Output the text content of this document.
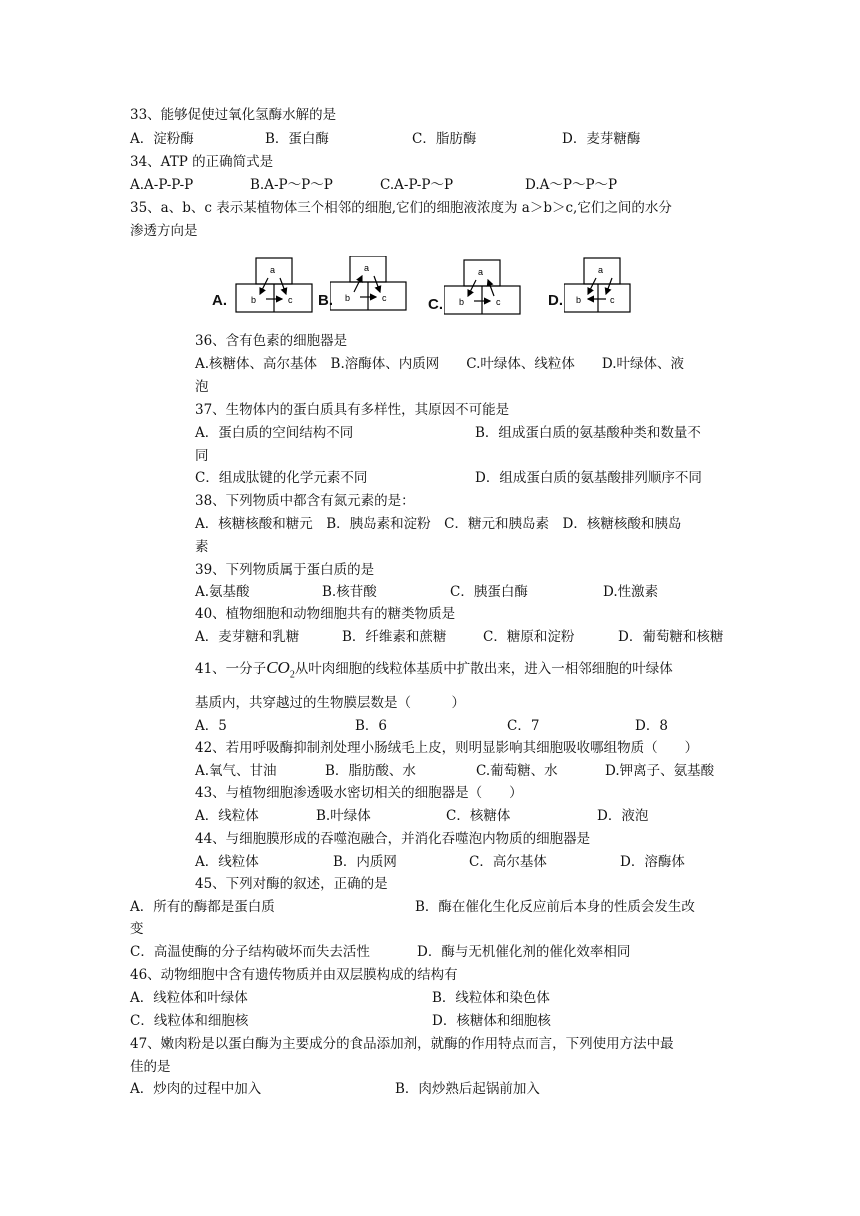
33、能够促使过氧化氢酶水解的是
A．淀粉酶	B．蛋白酶	C．脂肪酶	D．麦芽糖酶
34、ATP 的正确简式是
A.A-P-P-P	B.A-P～P～P	C.A-P-P～P	D.A～P～P～P
35、a、b、c 表示某植物体三个相邻的细胞,它们的细胞液浓度为 a＞b＞c,它们之间的水分
渗透方向是
A.
a
b	c B.
a
b	c	C.
a
b	c	D.
a
b	c
36、含有色素的细胞器是
A.核糖体、高尔基体　B.溶酶体、内质网　　C.叶绿体、线粒体　　D.叶绿体、液
泡
37、生物体内的蛋白质具有多样性，其原因不可能是
A．蛋白质的空间结构不同	B．组成蛋白质的氨基酸种类和数量不
同
C．组成肽键的化学元素不同	D．组成蛋白质的氨基酸排列顺序不同
38、下列物质中都含有氮元素的是：
A．核糖核酸和糖元　B．胰岛素和淀粉　C．糖元和胰岛素　D．核糖核酸和胰岛
素
39、下列物质属于蛋白质的是
A.氨基酸	B.核苷酸	C．胰蛋白酶	D.性激素
40、植物细胞和动物细胞共有的糖类物质是
A．麦芽糖和乳糖	B．纤维素和蔗糖	C．糖原和淀粉	D．葡萄糖和核糖
41、一分子$CO_2$从叶肉细胞的线粒体基质中扩散出来，进入一相邻细胞的叶绿体
基质内，共穿越过的生物膜层数是（　　　）
A．5	B．6	C．7	D．8
42、若用呼吸酶抑制剂处理小肠绒毛上皮，则明显影响其细胞吸收哪组物质（　　）
A.氧气、甘油	B．脂肪酸、水	C.葡萄糖、水	D.钾离子、氨基酸
43、与植物细胞渗透吸水密切相关的细胞器是（　　）
A．线粒体	B.叶绿体	C．核糖体	D．液泡
44、与细胞膜形成的吞噬泡融合，并消化吞噬泡内物质的细胞器是
A．线粒体	B．内质网	C．高尔基体	D．溶酶体
45、下列对酶的叙述，正确的是
A．所有的酶都是蛋白质	B．酶在催化生化反应前后本身的性质会发生改
变
C．高温使酶的分子结构破坏而失去活性	D．酶与无机催化剂的催化效率相同
46、动物细胞中含有遗传物质并由双层膜构成的结构有
A．线粒体和叶绿体	B．线粒体和染色体
C．线粒体和细胞核	D．核糖体和细胞核
47、嫩肉粉是以蛋白酶为主要成分的食品添加剂，就酶的作用特点而言，下列使用方法中最
佳的是
A．炒肉的过程中加入	B．肉炒熟后起锅前加入
